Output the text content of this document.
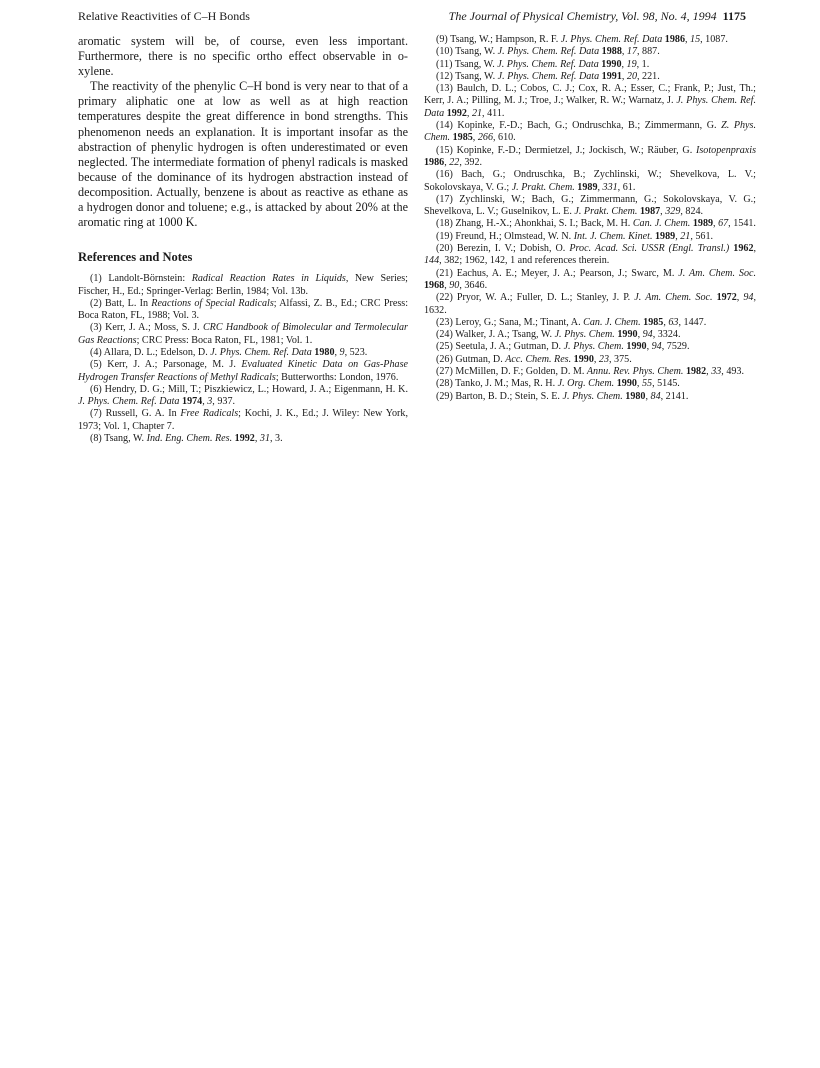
Relative Reactivities of C–H Bonds	The Journal of Physical Chemistry, Vol. 98, No. 4, 1994 1175

aromatic system will be, of course, even less important. Furthermore, there is no specific ortho effect observable in o-xylene.

The reactivity of the phenylic C–H bond is very near to that of a primary aliphatic one at low as well as at high reaction temperatures despite the great difference in bond strengths. This phenomenon needs an explanation. It is important insofar as the abstraction of phenylic hydrogen is often underestimated or even neglected. The intermediate formation of phenyl radicals is masked because of the dominance of its hydrogen abstraction instead of decomposition. Actually, benzene is about as reactive as ethane as a hydrogen donor and toluene; e.g., is attacked by about 20% at the aromatic ring at 1000 K.

References and Notes
(1) Landolt-Börnstein: Radical Reaction Rates in Liquids, New Series; Fischer, H., Ed.; Springer-Verlag: Berlin, 1984; Vol. 13b.
(2) Batt, L. In Reactions of Special Radicals; Alfassi, Z. B., Ed.; CRC Press: Boca Raton, FL, 1988; Vol. 3.
(3) Kerr, J. A.; Moss, S. J. CRC Handbook of Bimolecular and Termolecular Gas Reactions; CRC Press: Boca Raton, FL, 1981; Vol. 1.
(4) Allara, D. L.; Edelson, D. J. Phys. Chem. Ref. Data 1980, 9, 523.
(5) Kerr, J. A.; Parsonage, M. J. Evaluated Kinetic Data on Gas-Phase Hydrogen Transfer Reactions of Methyl Radicals; Butterworths: London, 1976.
(6) Hendry, D. G.; Mill, T.; Piszkiewicz, L.; Howard, J. A.; Eigenmann, H. K. J. Phys. Chem. Ref. Data 1974, 3, 937.
(7) Russell, G. A. In Free Radicals; Kochi, J. K., Ed.; J. Wiley: New York, 1973; Vol. 1, Chapter 7.
(8) Tsang, W. Ind. Eng. Chem. Res. 1992, 31, 3.
(9) Tsang, W.; Hampson, R. F. J. Phys. Chem. Ref. Data 1986, 15, 1087.
(10) Tsang, W. J. Phys. Chem. Ref. Data 1988, 17, 887.
(11) Tsang, W. J. Phys. Chem. Ref. Data 1990, 19, 1.
(12) Tsang, W. J. Phys. Chem. Ref. Data 1991, 20, 221.
(13) Baulch, D. L.; Cobos, C. J.; Cox, R. A.; Esser, C.; Frank, P.; Just, Th.; Kerr, J. A.; Pilling, M. J.; Troe, J.; Walker, R. W.; Warnatz, J. J. Phys. Chem. Ref. Data 1992, 21, 411.
(14) Kopinke, F.-D.; Bach, G.; Ondruschka, B.; Zimmermann, G. Z. Phys. Chem. 1985, 266, 610.
(15) Kopinke, F.-D.; Dermietzel, J.; Jockisch, W.; Räuber, G. Isotopenpraxis 1986, 22, 392.
(16) Bach, G.; Ondruschka, B.; Zychlinski, W.; Shevelkova, L. V.; Sokolovskaya, V. G.; J. Prakt. Chem. 1989, 331, 61.
(17) Zychlinski, W.; Bach, G.; Zimmermann, G.; Sokolovskaya, V. G.; Shevelkova, L. V.; Guselnikov, L. E. J. Prakt. Chem. 1987, 329, 824.
(18) Zhang, H.-X.; Ahonkhai, S. I.; Back, M. H. Can. J. Chem. 1989, 67, 1541.
(19) Freund, H.; Olmstead, W. N. Int. J. Chem. Kinet. 1989, 21, 561.
(20) Berezin, I. V.; Dobish, O. Proc. Acad. Sci. USSR (Engl. Transl.) 1962, 144, 382; 1962, 142, 1 and references therein.
(21) Eachus, A. E.; Meyer, J. A.; Pearson, J.; Swarc, M. J. Am. Chem. Soc. 1968, 90, 3646.
(22) Pryor, W. A.; Fuller, D. L.; Stanley, J. P. J. Am. Chem. Soc. 1972, 94, 1632.
(23) Leroy, G.; Sana, M.; Tinant, A. Can. J. Chem. 1985, 63, 1447.
(24) Walker, J. A.; Tsang, W. J. Phys. Chem. 1990, 94, 3324.
(25) Seetula, J. A.; Gutman, D. J. Phys. Chem. 1990, 94, 7529.
(26) Gutman, D. Acc. Chem. Res. 1990, 23, 375.
(27) McMillen, D. F.; Golden, D. M. Annu. Rev. Phys. Chem. 1982, 33, 493.
(28) Tanko, J. M.; Mas, R. H. J. Org. Chem. 1990, 55, 5145.
(29) Barton, B. D.; Stein, S. E. J. Phys. Chem. 1980, 84, 2141.
